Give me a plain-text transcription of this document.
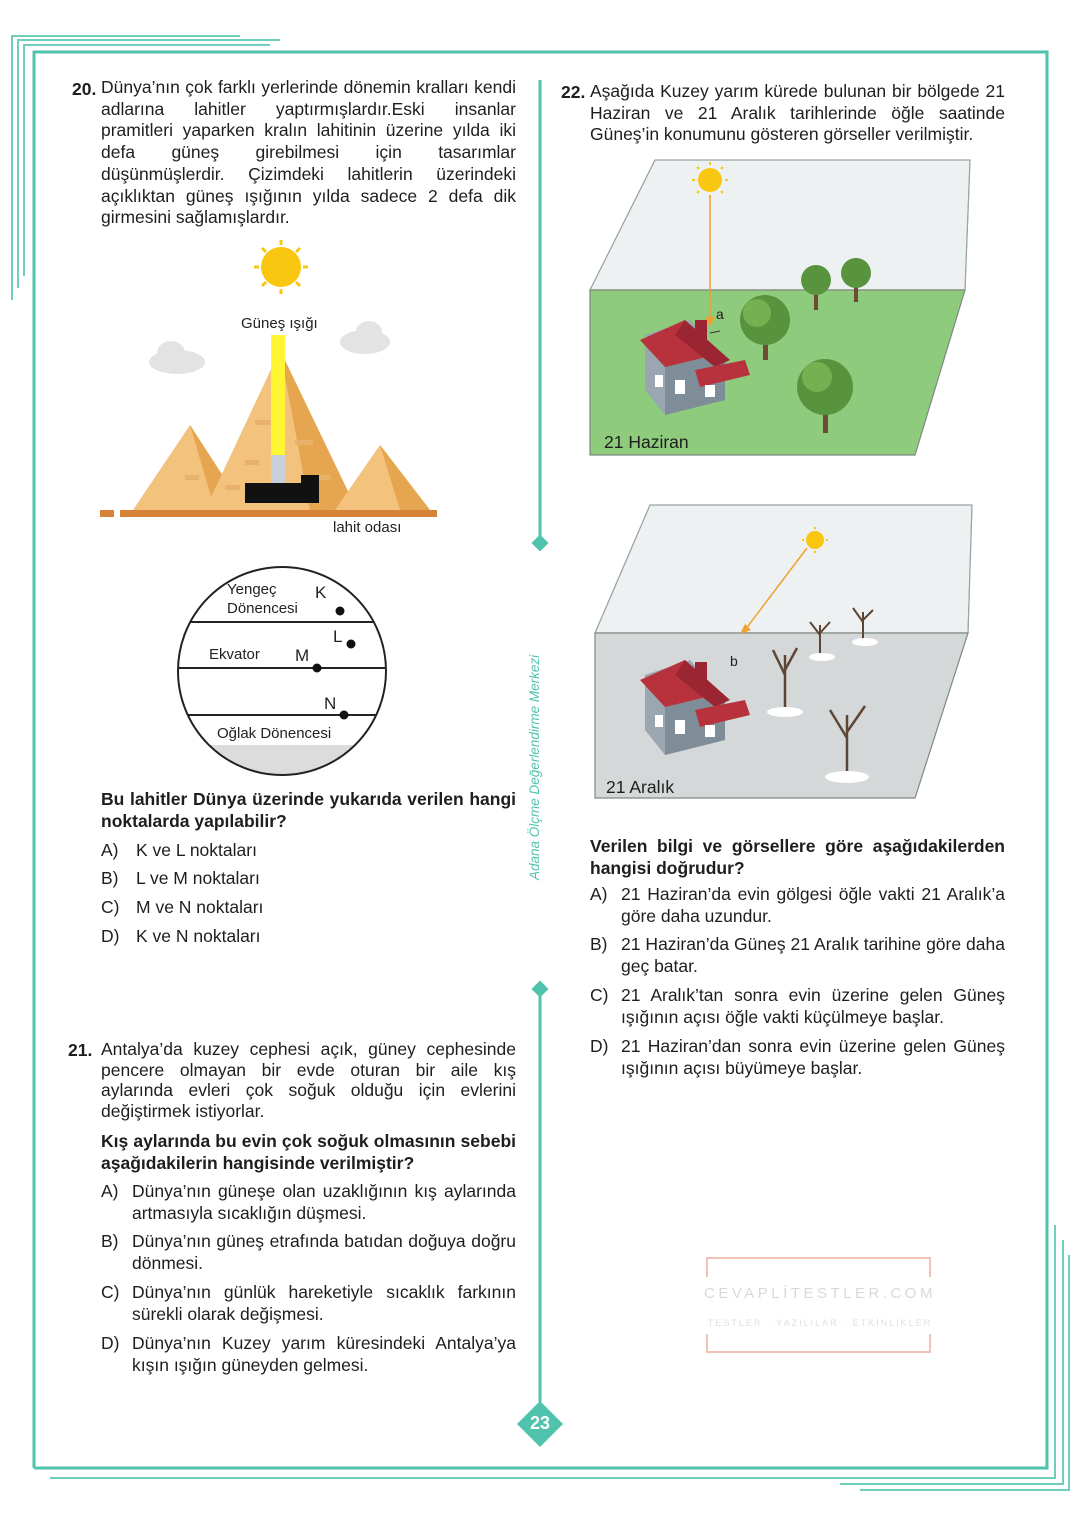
23
Adana Ölçme Değerlendirme Merkezi
20. Dünya’nın çok farklı yerlerinde dönemin kralları kendi adlarına lahitler yaptırmışlardır.Eski insanlar pramitleri yaparken kralın lahitinin üzerine yılda iki defa güneş girebilmesi için tasarımlar düşünmüşlerdir. Çizimdeki lahitlerin üzerindeki açıklıktan güneş ışığının yılda sadece 2 defa dik girmesini sağlamışlardır.
Güneş ışığı
lahit odası
Yengeç
Dönencesi
Ekvator
Oğlak Dönencesi
K
L
M
N
Bu lahitler Dünya üzerinde yukarıda verilen hangi noktalarda yapılabilir?
A) K ve L noktaları
B) L ve M noktaları
C) M ve N noktaları
D) K ve N noktaları
21. Antalya’da kuzey cephesi açık, güney cephesinde pencere olmayan bir evde oturan bir aile kış aylarında evleri çok soğuk olduğu için evlerini değiştirmek istiyorlar.
Kış aylarında bu evin çok soğuk olmasının sebebi aşağıdakilerin hangisinde verilmiştir?
A) Dünya’nın güneşe olan uzaklığının kış aylarında artmasıyla sıcaklığın düşmesi.
B) Dünya’nın güneş etrafında batıdan doğuya doğru dönmesi.
C) Dünya’nın günlük hareketiyle sıcaklık farkının sürekli olarak değişmesi.
D) Dünya’nın Kuzey yarım küresindeki Antalya’ya kışın ışığın güneyden gelmesi.
22. Aşağıda Kuzey yarım kürede bulunan bir bölgede 21 Haziran ve 21 Aralık tarihlerinde öğle saatinde Güneş’in konumunu gösteren görseller verilmiştir.
a
21 Haziran
b
21 Aralık
Verilen bilgi ve görsellere göre aşağıdakilerden hangisi doğrudur?
A) 21 Haziran’da evin gölgesi öğle vakti 21 Aralık’a göre daha uzundur.
B) 21 Haziran’da Güneş 21 Aralık tarihine göre daha geç batar.
C) 21 Aralık’tan sonra evin üzerine gelen Güneş ışığının açısı öğle vakti küçülmeye başlar.
D) 21 Haziran’dan sonra evin üzerine gelen Güneş ışığının açısı büyümeye başlar.
CEVAPLİTESTLER.COM
TESTLER · YAZILILAR · ETKİNLİKLER
